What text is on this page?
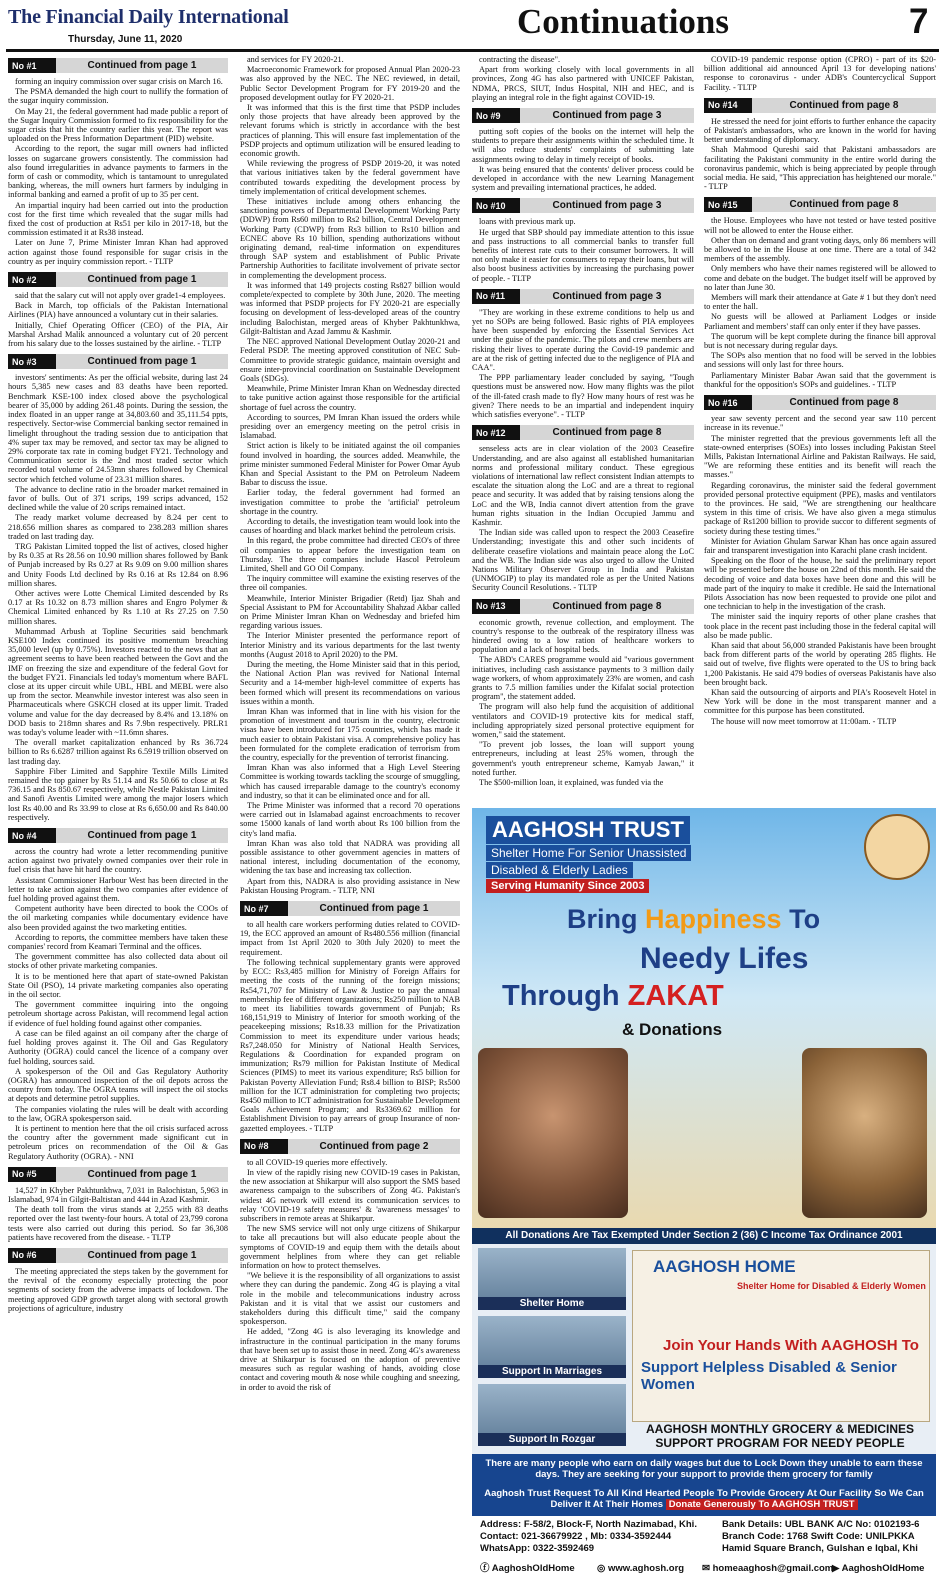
The Financial Daily International
Thursday, June 11, 2020	Continuations	7
No #1	Continued from page 1

forming an inquiry commission over sugar crisis on March 16.

The PSMA demanded the high court to nullify the formation of the sugar inquiry commission.

On May 21, the federal government had made public a report of the Sugar Inquiry Commission formed to fix responsibility for the sugar crisis that hit the country earlier this year. The report was uploaded on the Press Information Department (PID) website.

According to the report, the sugar mill owners had inflicted losses on sugarcane growers consistently. The commission had also found irregularities in advance payments to farmers in the form of cash or commodity, which is tantamount to unregulated banking, whereas, the mill owners hurt farmers by indulging in informal banking and earned a profit of up to 35 per cent.

An impartial inquiry had been carried out into the production cost for the first time which revealed that the sugar mills had fixed the cost of production at Rs51 per kilo in 2017-18, but the commission estimated it at Rs38 instead.

Later on June 7, Prime Minister Imran Khan had approved action against those found responsible for sugar crisis in the country as per inquiry commission report. - TLTP

No #2	Continued from page 1

said that the salary cut will not apply over grade1-4 employees.

Back in March, top officials of the Pakistan International Airlines (PIA) have announced a voluntary cut in their salaries.

Initially, Chief Operating Officer (CEO) of the PIA, Air Marshal Arshad Malik announced a voluntary cut of 20 percent from his salary due to the losses sustained by the airline. - TLTP

No #3	Continued from page 1

investors' sentiments: As per the official website, during last 24 hours 5,385 new cases and 83 deaths have been reported. Benchmark KSE-100 index closed above the psychological bearer of 35,000 by adding 261.48 points. During the session, the index floated in an upper range at 34,803.60 and 35,111.54 ppts, respectively. Sector-wise Commercial banking sector remained in limelight throughout the trading session due to anticipation that 4% super tax may be removed, and sector tax may be aligned to 29% corporate tax rate in coming budget FY21. Technology and Communication sector is the 2nd most traded sector which recorded total volume of 24.53mn shares followed by Chemical sector which fetched volume of 23.31 million shares.

The advance to decline ratio in the broader market remained in favor of bulls. Out of 371 scrips, 199 scrips advanced, 152 declined while the value of 20 scrips remained intact.

The ready market volume decreased by 8.24 per cent to 218.656 million shares as compared to 238.283 million shares traded on last trading day.

TRG Pakistan Limited topped the list of actives, closed higher by Rs 0.35 at Rs 28.56 on 10.90 million shares followed by Bank of Punjab increased by Rs 0.27 at Rs 9.09 on 9.00 million shares and Unity Foods Ltd declined by Rs 0.16 at Rs 12.84 on 8.96 million shares.

Other actives were Lotte Chemical Limited descended by Rs 0.17 at Rs 10.32 on 8.73 million shares and Engro Polymer & Chemical Limited enhanced by Rs 1.10 at Rs 27.25 on 7.50 million shares.

Muhammad Arbush at Topline Securities said benchmark KSE100 Index continued its positive momentum breaching 35,000 level (up by 0.75%). Investors reacted to the news that an agreement seems to have been reached between the Govt and the IMF on freezing the size and expenditure of the federal Govt for the budget FY21. Financials led today's momentum where BAFL close at its upper circuit while UBL, HBL and MEBL were also up from the sector. Meanwhile investor interest was also seen in Pharmaceuticals where GSKCH closed at its upper limit. Traded volume and value for the day decreased by 8.4% and 13.18% on DOD basis to 218mn shares and Rs 7.9bn respectively. PRLR1 was today's volume leader with ~11.6mn shares.

The overall market capitalization enhanced by Rs 36.724 billion to Rs 6.6287 trillion against Rs 6.5919 trillion observed on last trading day.

Sapphire Fiber Limited and Sapphire Textile Mills Limited remained the top gainer by Rs 51.14 and Rs 50.66 to close at Rs 736.15 and Rs 850.67 respectively, while Nestle Pakistan Limited and Sanofi Aventis Limited were among the major losers which lost Rs 40.00 and Rs 33.99 to close at Rs 6,650.00 and Rs 840.00 respectively.

No #4	Continued from page 1

across the country had wrote a letter recommending punitive action against two privately owned companies over their role in fuel crisis that have hit hard the country.

Assistant Commissioner Harbour West has been directed in the letter to take action against the two companies after evidence of fuel holding proved against them.

Competent authority have been directed to book the COOs of the oil marketing companies while documentary evidence have also been provided against the two marketing entities.

According to reports, the committee members have taken these companies' record from Keamari Terminal and the offices.

The government committee has also collected data about oil stocks of other private marketing companies.

It is to be mentioned here that apart of state-owned Pakistan State Oil (PSO), 14 private marketing companies also operating in the oil sector.

The government committee inquiring into the ongoing petroleum shortage across Pakistan, will recommend legal action if evidence of fuel holding found against other companies.

A case can be filed against an oil company after the charge of fuel holding proves against it. The Oil and Gas Regulatory Authority (OGRA) could cancel the licence of a company over fuel holding, sources said.

A spokesperson of the Oil and Gas Regulatory Authority (OGRA) has announced inspection of the oil depots across the country from today. The OGRA teams will inspect the oil stocks at depots and determine petrol supplies.

The companies violating the rules will be dealt with according to the law, OGRA spokesperson said.

It is pertinent to mention here that the oil crisis surfaced across the country after the government made significant cut in petroleum prices on recommendation of the Oil & Gas Regulatory Authority (OGRA). - NNI

No #5	Continued from page 1

14,527 in Khyber Pakhtunkhwa, 7,031 in Balochistan, 5,963 in Islamabad, 974 in Gilgit-Baltistan and 444 in Azad Kashmir.

The death toll from the virus stands at 2,255 with 83 deaths reported over the last twenty-four hours. A total of 23,799 corona tests were also carried out during this period. So far 36,308 patients have recovered from the disease. - TLTP

No #6	Continued from page 1

The meeting appreciated the steps taken by the government for the revival of the economy especially protecting the poor segments of society from the adverse impacts of lockdown. The meeting approved GDP growth target along with sectoral growth projections of agriculture, industry

and services for FY 2020-21.

Macroeconomic Framework for proposed Annual Plan 2020-23 was also approved by the NEC. The NEC reviewed, in detail, Public Sector Development Program for FY 2019-20 and the proposed development outlay for FY 2020-21.

It was informed that this is the first time that PSDP includes only those projects that have already been approved by the relevant forums which is strictly in accordance with the best practices of planning. This will ensure fast implementation of the PSDP projects and optimum utilization will be ensured leading to economic growth.

While reviewing the progress of PSDP 2019-20, it was noted that various initiatives taken by the federal government have contributed towards expediting the development process by timely implementation of critical development schemes.

These initiatives include among others enhancing the sanctioning powers of Departmental Development Working Party (DDWP) from Rs60 million to Rs2 billion, Central Development Working Party (CDWP) from Rs3 billion to Rs10 billion and ECNEC above Rs 10 billion, spending authorizations without originating demand, real-time information on expenditures through SAP system and establishment of Public Private Partnership Authorities to facilitate involvement of private sector in complementing the development process.

It was informed that 149 projects costing Rs827 billion would complete/expected to complete by 30th June, 2020. The meeting was informed that PSDP projects for FY 2020-21 are especially focusing on development of less-developed areas of the country including Balochistan, merged areas of Khyber Pakhtunkhwa, Gilgit-Baltistan and Azad Jammu & Kashmir.

The NEC approved National Development Outlay 2020-21 and Federal PSDP. The meeting approved constitution of NEC Sub-Committee to provide strategic guidance, maintain oversight and ensure inter-provincial coordination on Sustainable Development Goals (SDGs).

Meanwhile, Prime Minister Imran Khan on Wednesday directed to take punitive action against those responsible for the artificial shortage of fuel across the country.

According to sources, PM Imran Khan issued the orders while presiding over an emergency meeting on the petrol crisis in Islamabad.

Strict action is likely to be initiated against the oil companies found involved in hoarding, the sources added. Meanwhile, the prime minister summoned Federal Minister for Power Omar Ayub Khan and Special Assistant to the PM on Petroleum Nadeem Babar to discuss the issue.

Earlier today, the federal government had formed an investigation committee to probe the 'artificial' petroleum shortage in the country.

According to details, the investigation team would look into the causes of hoarding and black market behind the petroleum crisis.

In this regard, the probe committee had directed CEO's of three oil companies to appear before the investigation team on Thursday. The three companies include Hascol Petroleum Limited, Shell and GO Oil Company.

The inquiry committee will examine the existing reserves of the three oil companies.

Meanwhile, Interior Minister Brigadier (Retd) Ijaz Shah and Special Assistant to PM for Accountability Shahzad Akbar called on Prime Minister Imran Khan on Wednesday and briefed him regarding various issues.

The Interior Minister presented the performance report of Interior Ministry and its various departments for the last twenty months (August 2018 to April 2020) to the PM.

During the meeting, the Home Minister said that in this period, the National Action Plan was revived for National Internal Security and a 14-member high-level committee of experts has been formed which will present its recommendations on various issues within a month.

Imran Khan was informed that in line with his vision for the promotion of investment and tourism in the country, electronic visas have been introduced for 175 countries, which has made it much easier to obtain Pakistani visa. A comprehensive policy has been formulated for the complete eradication of terrorism from the country, especially for the prevention of terrorist financing.

Imran Khan was also informed that a High Level Steering Committee is working towards tackling the scourge of smuggling, which has caused irreparable damage to the country's economy and industry, so that it can be eliminated once and for all.

The Prime Minister was informed that a record 70 operations were carried out in Islamabad against encroachments to recover some 15000 kanals of land worth about Rs 100 billion from the city's land mafia.

Imran Khan was also told that NADRA was providing all possible assistance to other government agencies in matters of national interest, including documentation of the economy, widening the tax base and increasing tax collection.

Apart from this, NADRA is also providing assistance in New Pakistan Housing Program. - TLTP, NNI

No #7	Continued from page 1

to all health care workers performing duties related to COVID-19, the ECC approved an amount of Rs480.556 million (financial impact from 1st April 2020 to 30th July 2020) to meet the requirement.

The following technical supplementary grants were approved by ECC: Rs3,485 million for Ministry of Foreign Affairs for meeting the costs of the running of the foreign missions; Rs54,71,707 for Ministry of Law & Justice to pay the annual membership fee of different organizations; Rs250 million to NAB to meet its liabilities towards government of Punjab; Rs 168,151,919 to Ministry of Interior for smooth working of the peacekeeping missions; Rs18.33 million for the Privatization Commission to meet its expenditure under various heads; Rs7,248.050 for Ministry of National Health Services, Regulations & Coordination for expanded program on immunization; Rs79 million for Pakistan Institute of Medical Sciences (PIMS) to meet its various expenditure; Rs5 billion for Pakistan Poverty Alleviation Fund; Rs8.4 billion to BISP; Rs500 million for the ICT administration for completing two projects; Rs450 million to ICT administration for Sustainable Development Goals Achievement Program; and Rs3369.62 million for Establishment Division to pay arrears of group Insurance of non-gazetted employees. - TLTP

No #8	Continued from page 2

to all COVID-19 queries more effectively.

In view of the rapidly rising new COVID-19 cases in Pakistan, the new association at Shikarpur will also support the SMS based awareness campaign to the subscribers of Zong 4G. Pakistan's widest 4G network will extend its communication services to relay 'COVID-19 safety measures' & 'awareness messages' to subscribers in remote areas at Shikarpur.

The new SMS service will not only urge citizens of Shikarpur to take all precautions but will also educate people about the symptoms of COVID-19 and equip them with the details about government helplines from where they can get reliable information on how to protect themselves.

"We believe it is the responsibility of all organizations to assist where they can during the pandemic. Zong 4G is playing a vital role in the mobile and telecommunications industry across Pakistan and it is vital that we assist our customers and stakeholders during this difficult time," said the company spokesperson.

He added, "Zong 4G is also leveraging its knowledge and infrastructure in the continual participation in the many forums that have been set up to assist those in need. Zong 4G's awareness drive at Shikarpur is focused on the adoption of preventive measures such as regular washing of hands, avoiding close contact and covering mouth & nose while coughing and sneezing, in order to avoid the risk of

contracting the disease".

Apart from working closely with local governments in all provinces, Zong 4G has also partnered with UNICEF Pakistan, NDMA, PRCS, SIUT, Indus Hospital, NIH and HEC, and is playing an integral role in the fight against COVID-19.

No #9	Continued from page 3

putting soft copies of the books on the internet will help the students to prepare their assignments within the scheduled time. It will also reduce students' complaints of submitting late assignments owing to delay in timely receipt of books.

It was being ensured that the contents' deliver process could be developed in accordance with the new Learning Management system and prevailing international practices, he added.

No #10	Continued from page 3

loans with previous mark up.

He urged that SBP should pay immediate attention to this issue and pass instructions to all commercial banks to transfer full benefits of interest rate cuts to their consumer borrowers. It will not only make it easier for consumers to repay their loans, but will also boost business activities by increasing the purchasing power of people. - TLTP

No #11	Continued from page 3

"They are working in these extreme conditions to help us and yet no SOPs are being followed. Basic rights of PIA employees have been suspended by enforcing the Essential Services Act under the guise of the pandemic. The pilots and crew members are risking their lives to operate during the Covid-19 pandemic and are at the risk of getting infected due to the negligence of PIA and CAA".

The PPP parliamentary leader concluded by saying, "Tough questions must be answered now. How many flights was the pilot of the ill-fated crash made to fly? How many hours of rest was he given? There needs to be an impartial and independent inquiry which satisfies everyone". - TLTP

No #12	Continued from page 8

senseless acts are in clear violation of the 2003 Ceasefire Understanding, and are also against all established humanitarian norms and professional military conduct. These egregious violations of international law reflect consistent Indian attempts to escalate the situation along the LoC and are a threat to regional peace and security. It was added that by raising tensions along the LoC and the WB, India cannot divert attention from the grave human rights situation in the Indian Occupied Jammu and Kashmir.

The Indian side was called upon to respect the 2003 Ceasefire Understanding; investigate this and other such incidents of deliberate ceasefire violations and maintain peace along the LoC and the WB. The Indian side was also urged to allow the United Nations Military Observer Group in India and Pakistan (UNMOGIP) to play its mandated role as per the United Nations Security Council Resolutions. - TLTP

No #13	Continued from page 8

economic growth, revenue collection, and employment. The country's response to the outbreak of the respiratory illness was hindered owing to a low ration of healthcare workers to population and a lack of hospital beds.

The ABD's CARES programme would aid "various government initiatives, including cash assistance payments to 3 million daily wage workers, of whom approximately 23% are women, and cash grants to 7.5 million families under the Kifalat social protection program", the statement added.

The program will also help fund the acquisition of additional ventilators and COVID-19 protective kits for medical staff, including appropriately sized personal protective equipment for women," said the statement.

"To prevent job losses, the loan will support young entrepreneurs, including at least 25% women, through the government's youth entrepreneur scheme, Kamyab Jawan," it noted further.

The $500-million loan, it explained, was funded via the

COVID-19 pandemic response option (CPRO) - part of its $20-billion additional aid announced April 13 for developing nations' response to coronavirus - under ADB's Countercyclical Support Facility. - TLTP

No #14	Continued from page 8

He stressed the need for joint efforts to further enhance the capacity of Pakistan's ambassadors, who are known in the world for having better understanding of diplomacy.

Shah Mahmood Qureshi said that Pakistani ambassadors are facilitating the Pakistani community in the entire world during the coronavirus pandemic, which is being appreciated by people through social media. He said, "This appreciation has heightened our morale." - TLTP

No #15	Continued from page 8

the House. Employees who have not tested or have tested positive will not be allowed to enter the House either.

Other than on demand and grant voting days, only 86 members will be allowed to be in the House at one time. There are a total of 342 members of the assembly.

Only members who have their names registered will be allowed to come and debate on the budget. The budget itself will be approved by no later than June 30.

Members will mark their attendance at Gate # 1 but they don't need to enter the hall.

No guests will be allowed at Parliament Lodges or inside Parliament and members' staff can only enter if they have passes.

The quorum will be kept complete during the finance bill approval but is not necessary during regular days.

The SOPs also mention that no food will be served in the lobbies and sessions will only last for three hours.

Parliamentary Minister Babar Awan said that the government is thankful for the opposition's SOPs and guidelines. - TLTP

No #16	Continued from page 8

year saw seventy percent and the second year saw 110 percent increase in its revenue."

The minister regretted that the previous governments left all the state-owned enterprises (SOEs) into losses including Pakistan Steel Mills, Pakistan International Airline and Pakistan Railways. He said, "We are reforming these entities and its benefit will reach the masses."

Regarding coronavirus, the minister said the federal government provided personal protective equipment (PPE), masks and ventilators to the provinces. He said, "We are strengthening our healthcare system in this time of crisis. We have also given a mega stimulus package of Rs1200 billion to provide succor to different segments of society during these testing times."

Minister for Aviation Ghulam Sarwar Khan has once again assured fair and transparent investigation into Karachi plane crash incident.

Speaking on the floor of the house, he said the preliminary report will be presented before the house on 22nd of this month. He said the decoding of voice and data boxes have been done and this will be made part of the inquiry to make it credible. He said the International Pilots Association has now been requested to provide one pilot and one technician to help in the investigation of the crash.

The minister said the inquiry reports of other plane crashes that took place in the recent past including those in the federal capital will also be made public.

Khan said that about 56,000 stranded Pakistanis have been brought back from different parts of the world by operating 285 flights. He said out of twelve, five flights were operated to the US to bring back 1,200 Pakistanis. He said 479 bodies of overseas Pakistanis have also been brought back.

Khan said the outsourcing of airports and PIA's Roosevelt Hotel in New York will be done in the most transparent manner and a committee for this purpose has been constituted.

The house will now meet tomorrow at 11:00am. - TLTP

AAGHOSH TRUST
Shelter Home For Senior Unassisted
Disabled & Elderly Ladies
Serving Humanity Since 2003
Bring Happiness To
Needy Lifes
Through ZAKAT
& Donations
All Donations Are Tax Exempted Under Section 2 (36) C Income Tax Ordinance 2001
Shelter Home
Support In Marriages
Support In Rozgar
AAGHOSH HOME
Shelter Home for Disabled & Elderly Women
Join Your Hands With AAGHOSH To
Support Helpless Disabled & Senior Women
AAGHOSH MONTHLY GROCERY & MEDICINES
SUPPORT PROGRAM FOR NEEDY PEOPLE
There are many people who earn on daily wages but due to Lock Down they unable to earn these days. They are seeking for your support to provide them grocery for family
Aaghosh Trust Request To All Kind Hearted People To Provide Grocery At Our Facility So We Can Deliver It At Their Homes Donate Generously To AAGHOSH TRUST
Address: F-58/2, Block-F, North Nazimabad, Khi.
Contact: 021-36679922 , Mb: 0334-3592444
WhatsApp: 0322-3592469
Bank Details: UBL BANK A/C No: 0102193-6
Branch Code: 1768 Swift Code: UNILPKKA
Hamid Square Branch, Gulshan e Iqbal, Khi
ⓕ AaghoshOldHome ◎ www.aghosh.org ✉ homeaaghosh@gmail.com
▶ AaghoshOldHome
